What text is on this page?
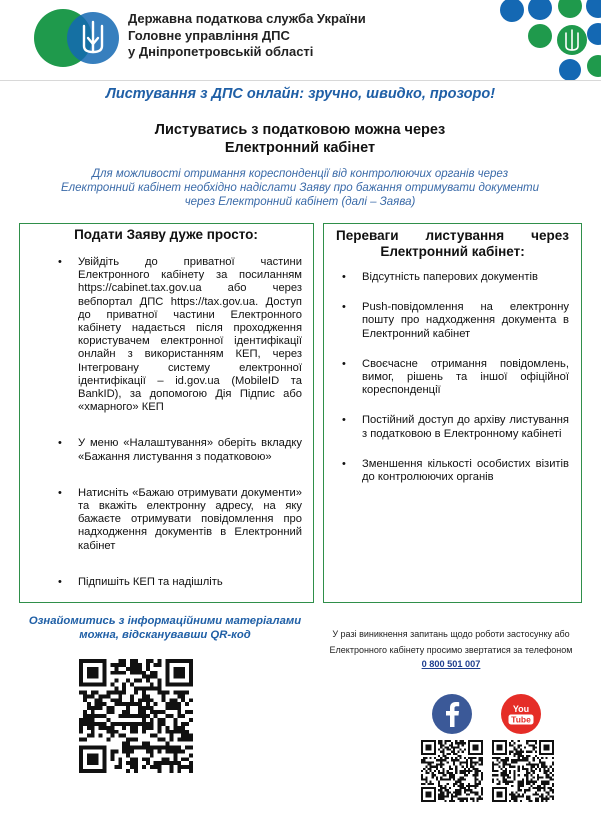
Державна податкова служба України
Головне управління ДПС
у Дніпропетровській області
Листування з ДПС онлайн: зручно, швидко, прозоро!
Листуватись з податковою можна через
Електронний кабінет
Для можливості отримання кореспонденції від контролюючих органів через
Електронний кабінет необхідно надіслати Заяву про бажання отримувати документи
через Електронний кабінет (далі – Заява)
Подати Заяву дуже просто:
• Увійдіть до приватної частини Електронного кабінету за посиланням https://cabinet.tax.gov.ua або через вебпортал ДПС https://tax.gov.ua. Доступ до приватної частини Електронного кабінету надається після проходження користувачем електронної ідентифікації онлайн з використанням КЕП, через Інтегровану систему електронної ідентифікації – id.gov.ua (MobileID та BankID), за допомогою Дія Підпис або «хмарного» КЕП
• У меню «Налаштування» оберіть вкладку «Бажання листування з податковою»
• Натисніть «Бажаю отримувати документи» та вкажіть електронну адресу, на яку бажаєте отримувати повідомлення про надходження документів в Електронний кабінет
• Підпишіть КЕП та надішліть
Переваги листування через Електронний кабінет:
• Відсутність паперових документів
• Push-повідомлення на електронну пошту про надходження документа в Електронний кабінет
• Своєчасне отримання повідомлень, вимог, рішень та іншої офіційної кореспонденції
• Постійний доступ до архіву листування з податковою в Електронному кабінеті
• Зменшення кількості особистих візитів до контролюючих органів
Ознайомитись з інформаційними матеріалами
можна, відсканувавши QR-код	У разі виникнення запитань щодо роботи застосунку або
Електронного кабінету просимо звертатися за телефоном
0 800 501 007
You
Tube
